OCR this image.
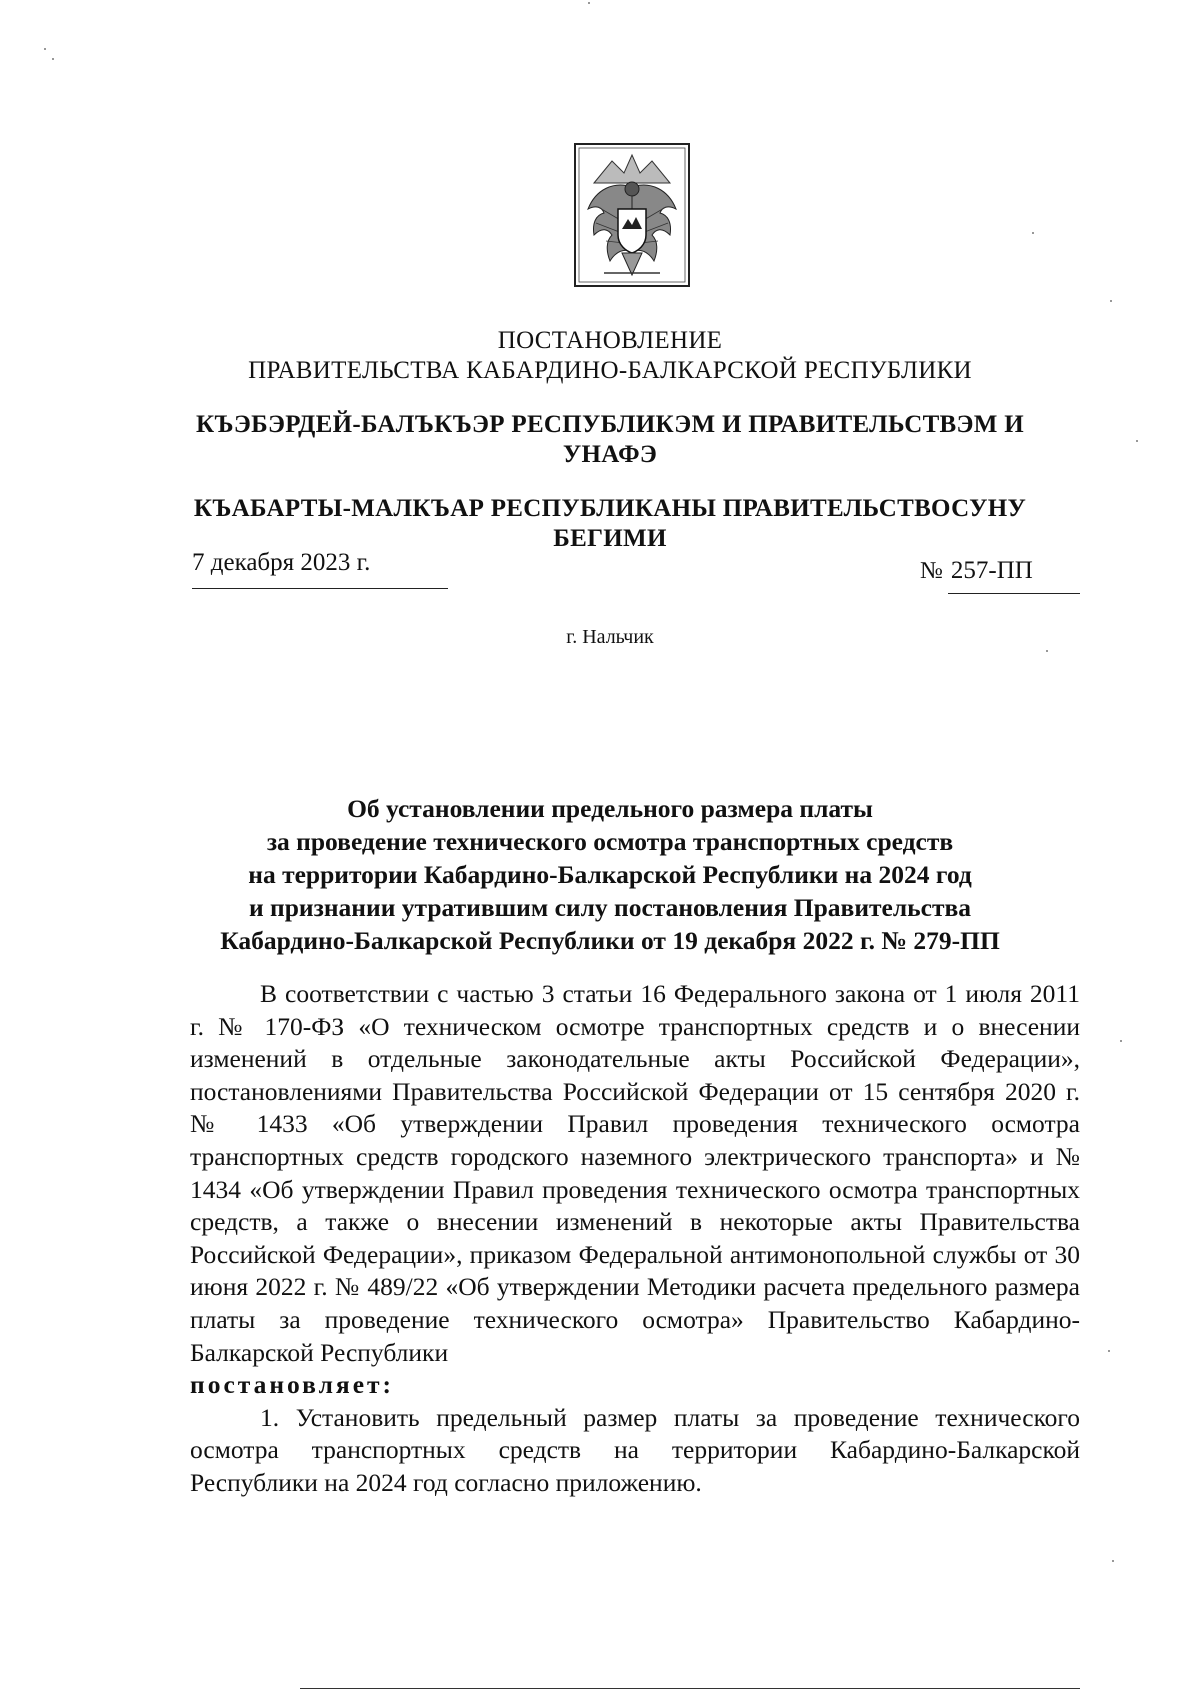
ПОСТАНОВЛЕНИЕ
ПРАВИТЕЛЬСТВА КАБАРДИНО-БАЛКАРСКОЙ РЕСПУБЛИКИ
КЪЭБЭРДЕЙ-БАЛЪКЪЭР РЕСПУБЛИКЭМ И ПРАВИТЕЛЬСТВЭМ И
УНАФЭ
КЪАБАРТЫ-МАЛКЪАР РЕСПУБЛИКАНЫ ПРАВИТЕЛЬСТВОСУНУ
БЕГИМИ
7 декабря 2023 г.	№ 257-ПП
г. Нальчик
Об установлении предельного размера платы
за проведение технического осмотра транспортных средств
на территории Кабардино-Балкарской Республики на 2024 год
и признании утратившим силу постановления Правительства
Кабардино-Балкарской Республики от 19 декабря 2022 г. № 279-ПП

В соответствии с частью 3 статьи 16 Федерального закона от 1 июля 2011 г. № 170-ФЗ «О техническом осмотре транспортных средств и о внесении изменений в отдельные законодательные акты Российской Федерации», постановлениями Правительства Российской Федерации от 15 сентября 2020 г. № 1433 «Об утверждении Правил проведения технического осмотра транспортных средств городского наземного электрического транспорта» и № 1434 «Об утверждении Правил проведения технического осмотра транспортных средств, а также о внесении изменений в некоторые акты Правительства Российской Федерации», приказом Федеральной антимонопольной службы от 30 июня 2022 г. № 489/22 «Об утверждении Методики расчета предельного размера платы за проведение технического осмотра» Правительство Кабардино-Балкарской Республики

постановляет:

1. Установить предельный размер платы за проведение технического осмотра транспортных средств на территории Кабардино-Балкарской Республики на 2024 год согласно приложению.
